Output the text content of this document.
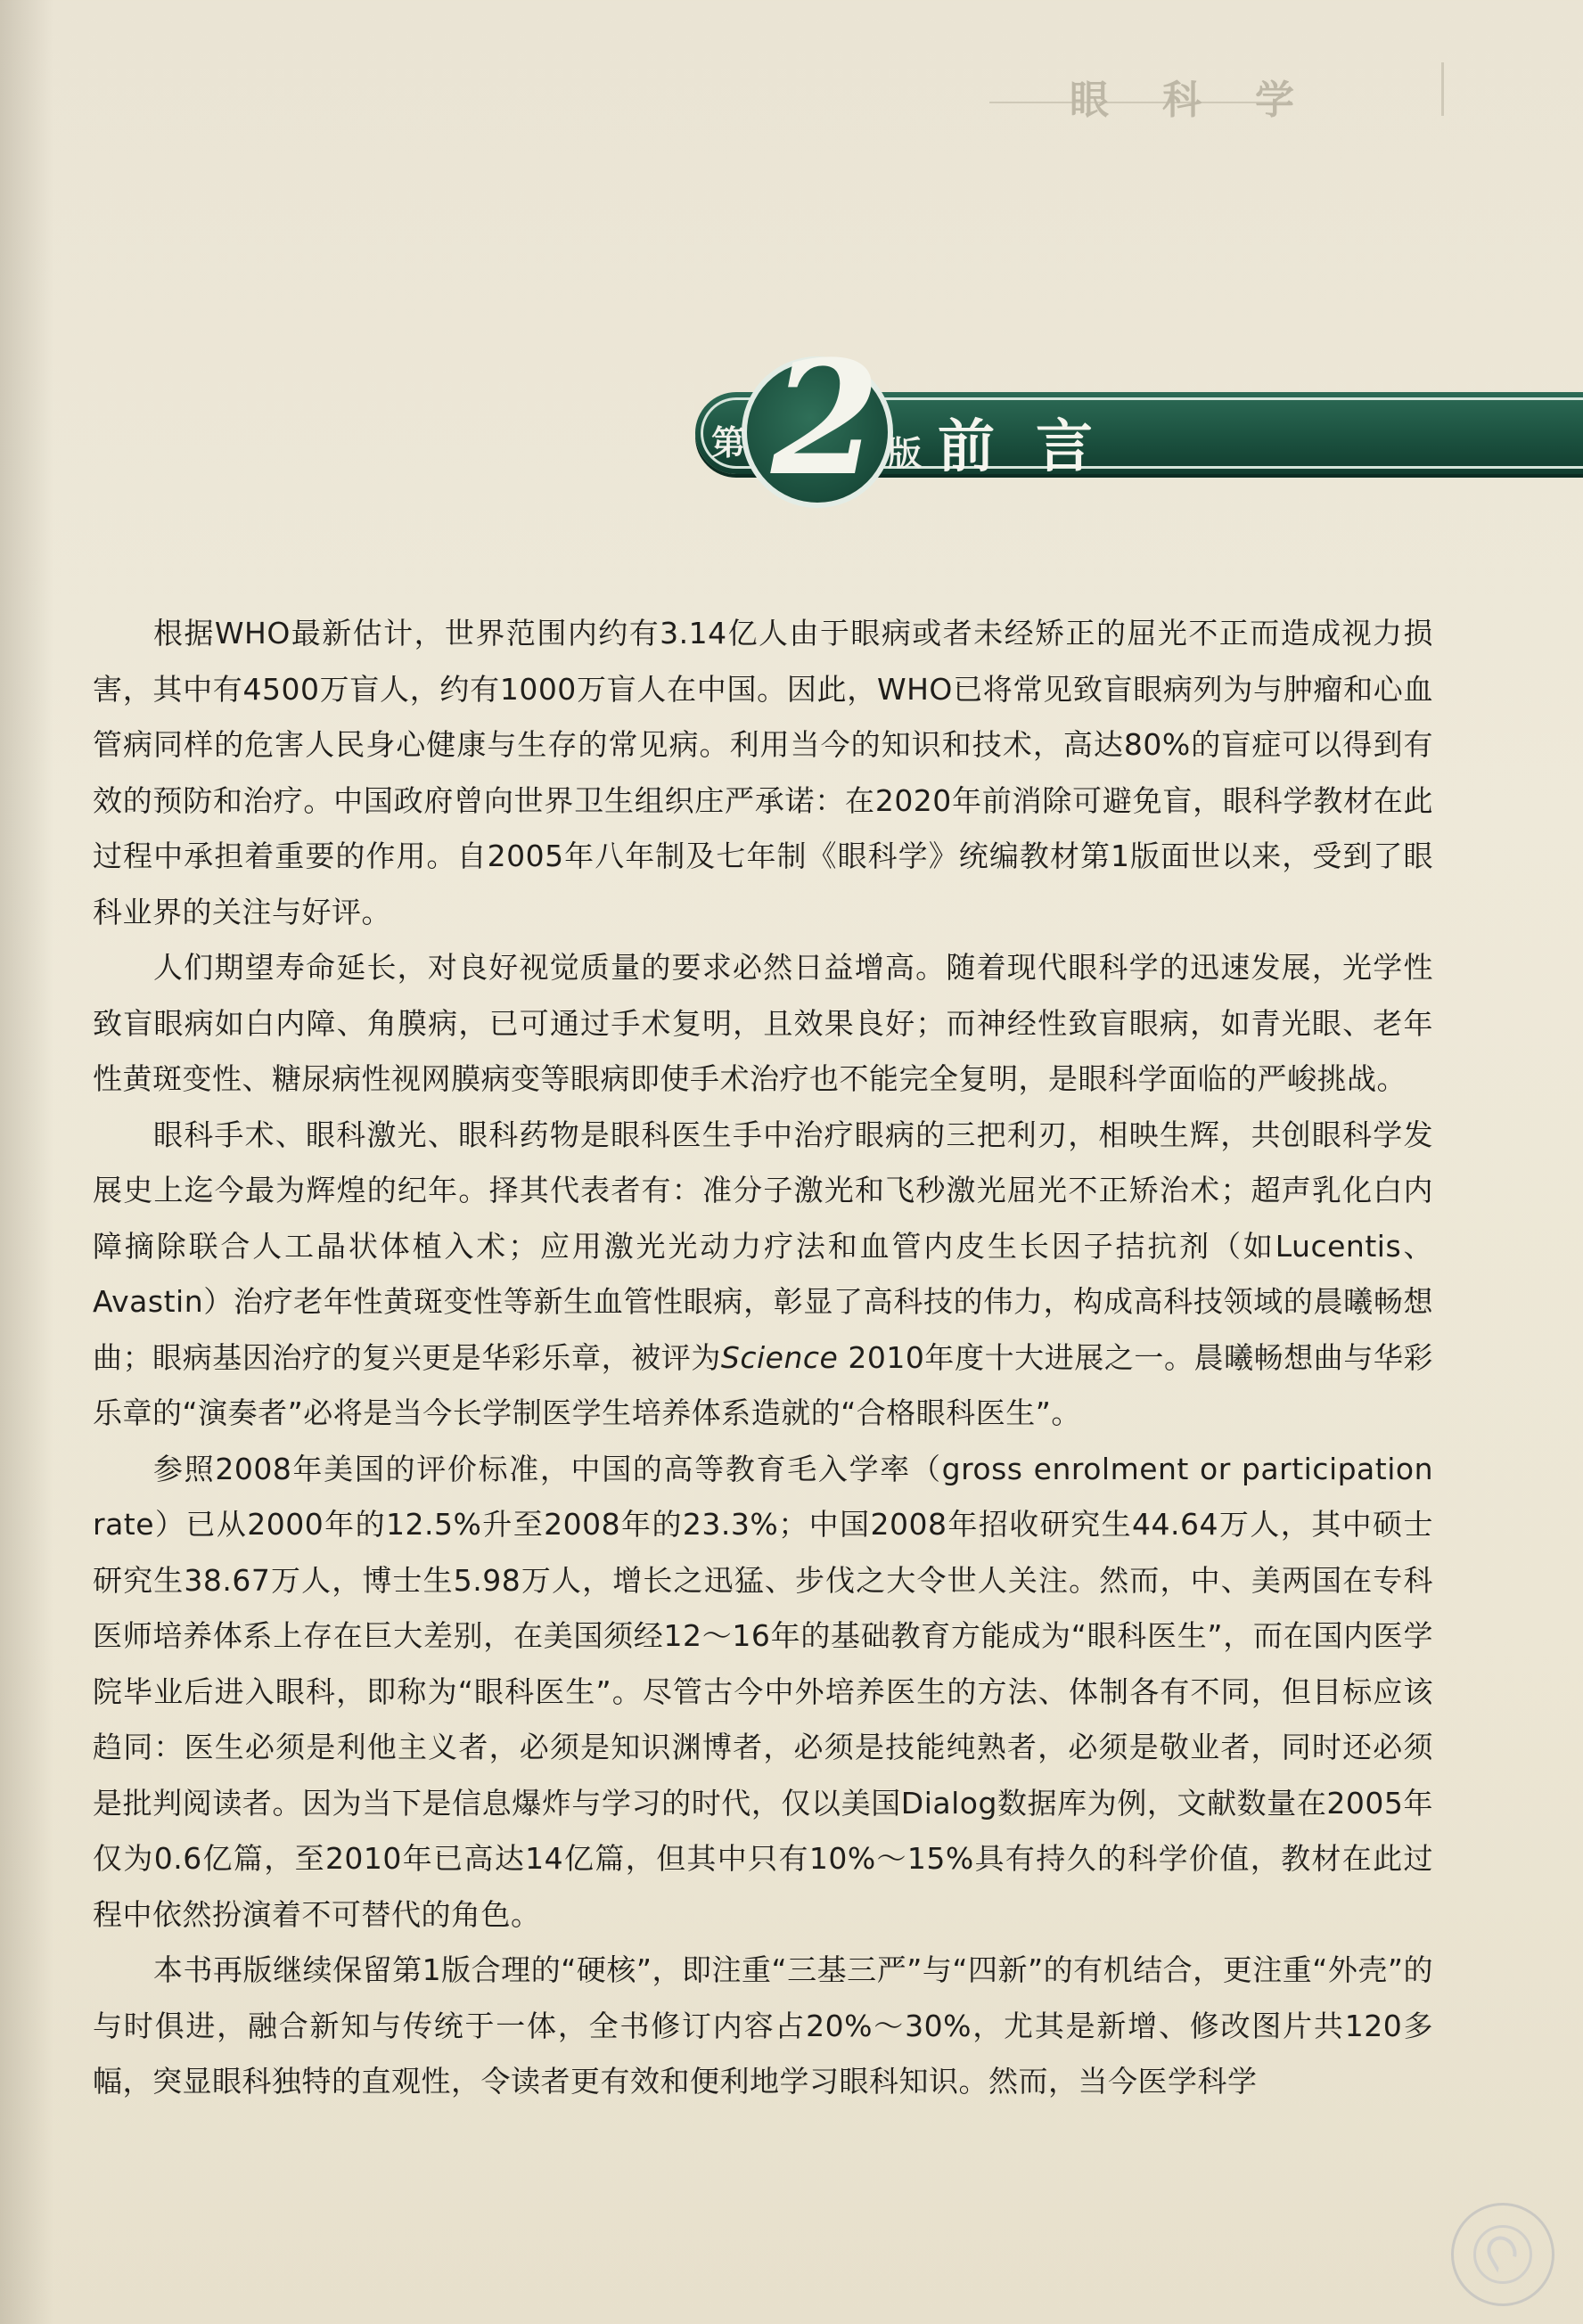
眼科学
第 2 版 前言

根据WHO最新估计，世界范围内约有3.14亿人由于眼病或者未经矫正的屈光不正而造成视力损害，其中有4500万盲人，约有1000万盲人在中国。因此，WHO已将常见致盲眼病列为与肿瘤和心血管病同样的危害人民身心健康与生存的常见病。利用当今的知识和技术，高达80%的盲症可以得到有效的预防和治疗。中国政府曾向世界卫生组织庄严承诺：在2020年前消除可避免盲，眼科学教材在此过程中承担着重要的作用。自2005年八年制及七年制《眼科学》统编教材第1版面世以来，受到了眼科业界的关注与好评。

人们期望寿命延长，对良好视觉质量的要求必然日益增高。随着现代眼科学的迅速发展，光学性致盲眼病如白内障、角膜病，已可通过手术复明，且效果良好；而神经性致盲眼病，如青光眼、老年性黄斑变性、糖尿病性视网膜病变等眼病即使手术治疗也不能完全复明，是眼科学面临的严峻挑战。

眼科手术、眼科激光、眼科药物是眼科医生手中治疗眼病的三把利刃，相映生辉，共创眼科学发展史上迄今最为辉煌的纪年。择其代表者有：准分子激光和飞秒激光屈光不正矫治术；超声乳化白内障摘除联合人工晶状体植入术；应用激光光动力疗法和血管内皮生长因子拮抗剂（如Lucentis、Avastin）治疗老年性黄斑变性等新生血管性眼病，彰显了高科技的伟力，构成高科技领域的晨曦畅想曲；眼病基因治疗的复兴更是华彩乐章，被评为Science 2010年度十大进展之一。晨曦畅想曲与华彩乐章的“演奏者”必将是当今长学制医学生培养体系造就的“合格眼科医生”。

参照2008年美国的评价标准，中国的高等教育毛入学率（gross enrolment or participation rate）已从2000年的12.5%升至2008年的23.3%；中国2008年招收研究生44.64万人，其中硕士研究生38.67万人，博士生5.98万人，增长之迅猛、步伐之大令世人关注。然而，中、美两国在专科医师培养体系上存在巨大差别，在美国须经12～16年的基础教育方能成为“眼科医生”，而在国内医学院毕业后进入眼科，即称为“眼科医生”。尽管古今中外培养医生的方法、体制各有不同，但目标应该趋同：医生必须是利他主义者，必须是知识渊博者，必须是技能纯熟者，必须是敬业者，同时还必须是批判阅读者。因为当下是信息爆炸与学习的时代，仅以美国Dialog数据库为例，文献数量在2005年仅为0.6亿篇，至2010年已高达14亿篇，但其中只有10%～15%具有持久的科学价值，教材在此过程中依然扮演着不可替代的角色。

本书再版继续保留第1版合理的“硬核”，即注重“三基三严”与“四新”的有机结合，更注重“外壳”的与时俱进，融合新知与传统于一体，全书修订内容占20%～30%，尤其是新增、修改图片共120多幅，突显眼科独特的直观性，令读者更有效和便利地学习眼科知识。然而，当今医学科学
